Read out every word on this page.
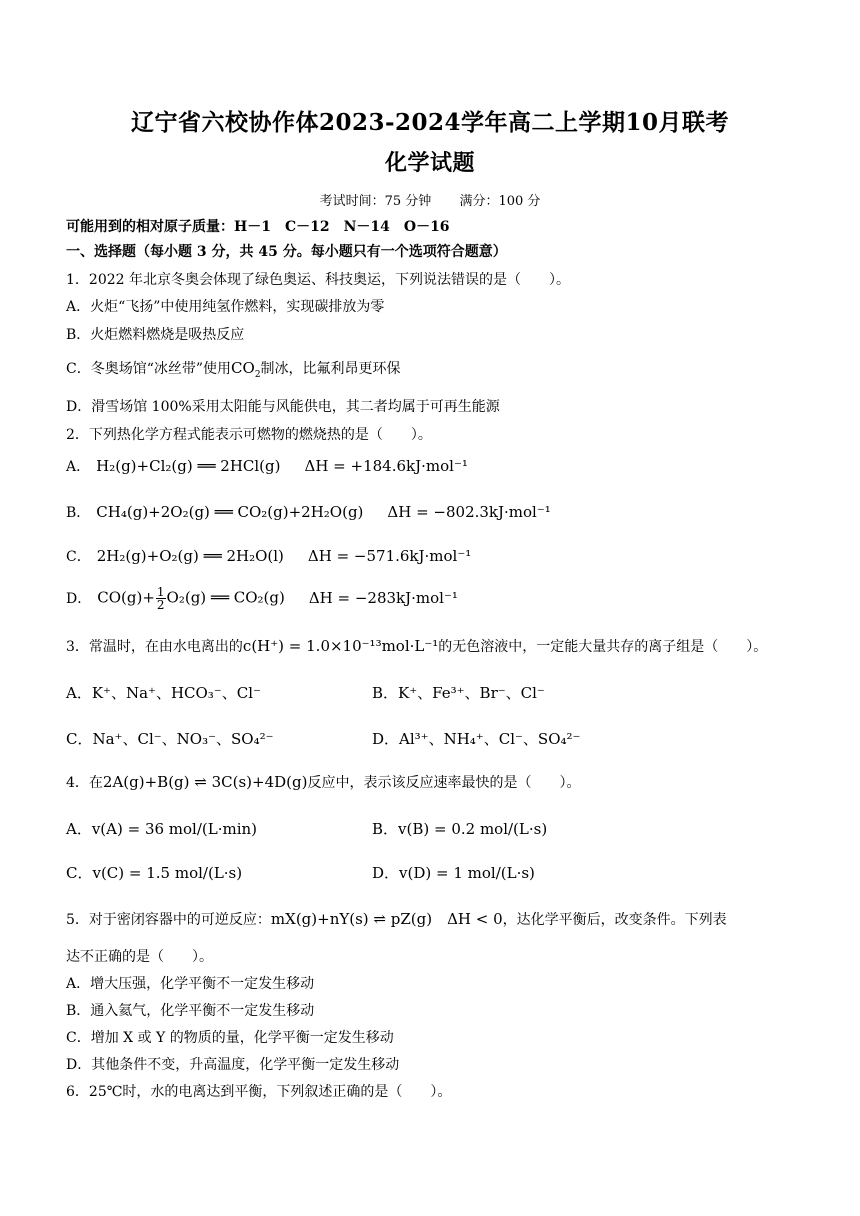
辽宁省六校协作体2023-2024学年高二上学期10月联考
化学试题
考试时间：75 分钟 满分：100 分
可能用到的相对原子质量：H－1　C－12　N－14　O－16
一、选择题（每小题 3 分，共 45 分。每小题只有一个选项符合题意）
1．2022 年北京冬奥会体现了绿色奥运、科技奥运，下列说法错误的是（　　）。
A．火炬“飞扬”中使用纯氢作燃料，实现碳排放为零
B．火炬燃料燃烧是吸热反应
C．冬奥场馆“冰丝带”使用$CO_2$制冰，比氟利昂更环保
D．滑雪场馆 100%采用太阳能与风能供电，其二者均属于可再生能源
2．下列热化学方程式能表示可燃物的燃烧热的是（　　）。
A． H₂(g)+Cl₂(g) ══ 2HCl(g) ΔH = +184.6kJ·mol⁻¹
B． CH₄(g)+2O₂(g) ══ CO₂(g)+2H₂O(g) ΔH = −802.3kJ·mol⁻¹
C． 2H₂(g)+O₂(g) ══ 2H₂O(l) ΔH = −571.6kJ·mol⁻¹
D． $CO(g)+ \frac{1}{2} O_2(g)$ ══ CO₂(g) ΔH = −283kJ·mol⁻¹
3．常温时，在由水电离出的c(H⁺) = 1.0×10⁻¹³mol·L⁻¹的无色溶液中，一定能大量共存的离子组是（　　）。
A．K⁺、Na⁺、HCO₃⁻、Cl⁻	B．K⁺、Fe³⁺、Br⁻、Cl⁻
C．Na⁺、Cl⁻、NO₃⁻、SO₄²⁻	D．Al³⁺、NH₄⁺、Cl⁻、SO₄²⁻
4．在2A(g)+B(g) ⇌ 3C(s)+4D(g)反应中，表示该反应速率最快的是（　　）。
A．v(A) = 36 mol/(L·min)	B．v(B) = 0.2 mol/(L·s)
C．v(C) = 1.5 mol/(L·s)	D．v(D) = 1 mol/(L·s)
5．对于密闭容器中的可逆反应：mX(g)+nY(s) ⇌ pZ(g)　ΔH < 0，达化学平衡后，改变条件。下列表
达不正确的是（　　）。
A．增大压强，化学平衡不一定发生移动
B．通入氦气，化学平衡不一定发生移动
C．增加 X 或 Y 的物质的量，化学平衡一定发生移动
D．其他条件不变，升高温度，化学平衡一定发生移动
6．25℃时，水的电离达到平衡，下列叙述正确的是（　　）。
